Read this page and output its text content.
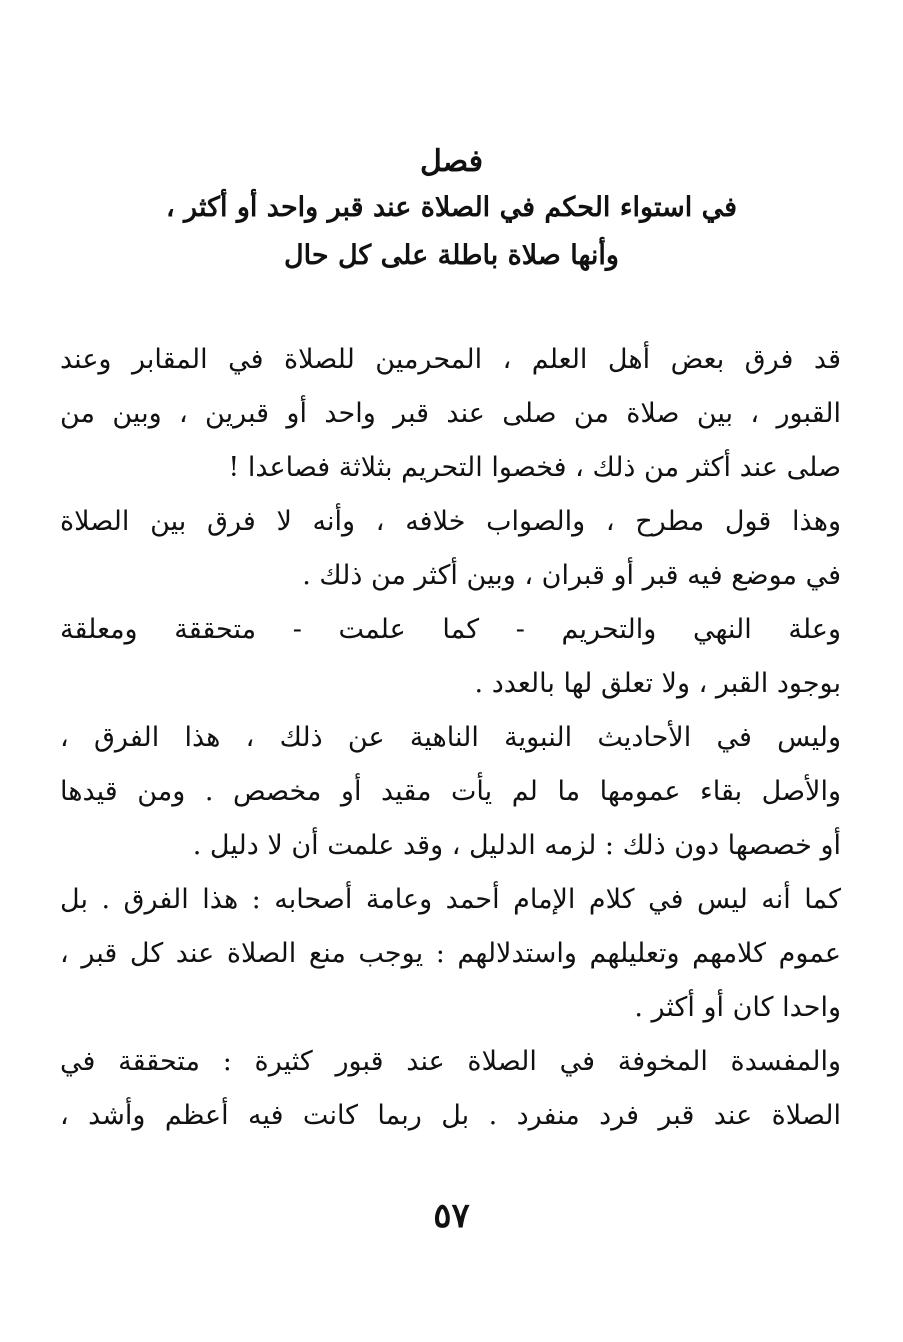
فصل
في استواء الحكم في الصلاة عند قبر واحد أو أكثر ،
وأنها صلاة باطلة على كل حال
قد فرق بعض أهل العلم ، المحرمين للصلاة في المقابر وعند
القبور ، بين صلاة من صلى عند قبر واحد أو قبرين ، وبين من
صلى عند أكثر من ذلك ، فخصوا التحريم بثلاثة فصاعدا !
وهذا قول مطرح ، والصواب خلافه ، وأنه لا فرق بين الصلاة
في موضع فيه قبر أو قبران ، وبين أكثر من ذلك .
وعلة النهي والتحريم - كما علمت - متحققة ومعلقة
بوجود القبر ، ولا تعلق لها بالعدد .
وليس في الأحاديث النبوية الناهية عن ذلك ، هذا الفرق ،
والأصل بقاء عمومها ما لم يأت مقيد أو مخصص . ومن قيدها
أو خصصها دون ذلك : لزمه الدليل ، وقد علمت أن لا دليل .
كما أنه ليس في كلام الإمام أحمد وعامة أصحابه : هذا الفرق . بل
عموم كلامهم وتعليلهم واستدلالهم : يوجب منع الصلاة عند كل قبر ،
واحدا كان أو أكثر .
والمفسدة المخوفة في الصلاة عند قبور كثيرة : متحققة في
الصلاة عند قبر فرد منفرد . بل ربما كانت فيه أعظم وأشد ،
٥٧
